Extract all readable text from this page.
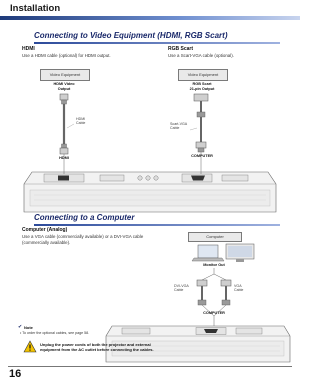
Installation
Connecting to Video Equipment (HDMI, RGB Scart)
HDMI
Use a HDMI cable (optional) for HDMI output.
Video Equipment
HDMI Video
Output
HDMI
Cable
HDMI
RGB Scart
Use a Scart-VGA cable (optional).
Video Equipment
RGB Scart
21-pin Output
Scart-VGA
Cable
COMPUTER
Connecting to a Computer
Computer (Analog)
Use a VGA cable (commercially available) or a DVI-VGA cable
(commercially available).
Computer
Monitor Out
DVI-VGA
Cable
VGA
Cable
COMPUTER
✔ Note
• To order the optional cables, see page 58.
Unplug the power cords of both the projector and external
equipment from the AC outlet before connecting the cables.
16
